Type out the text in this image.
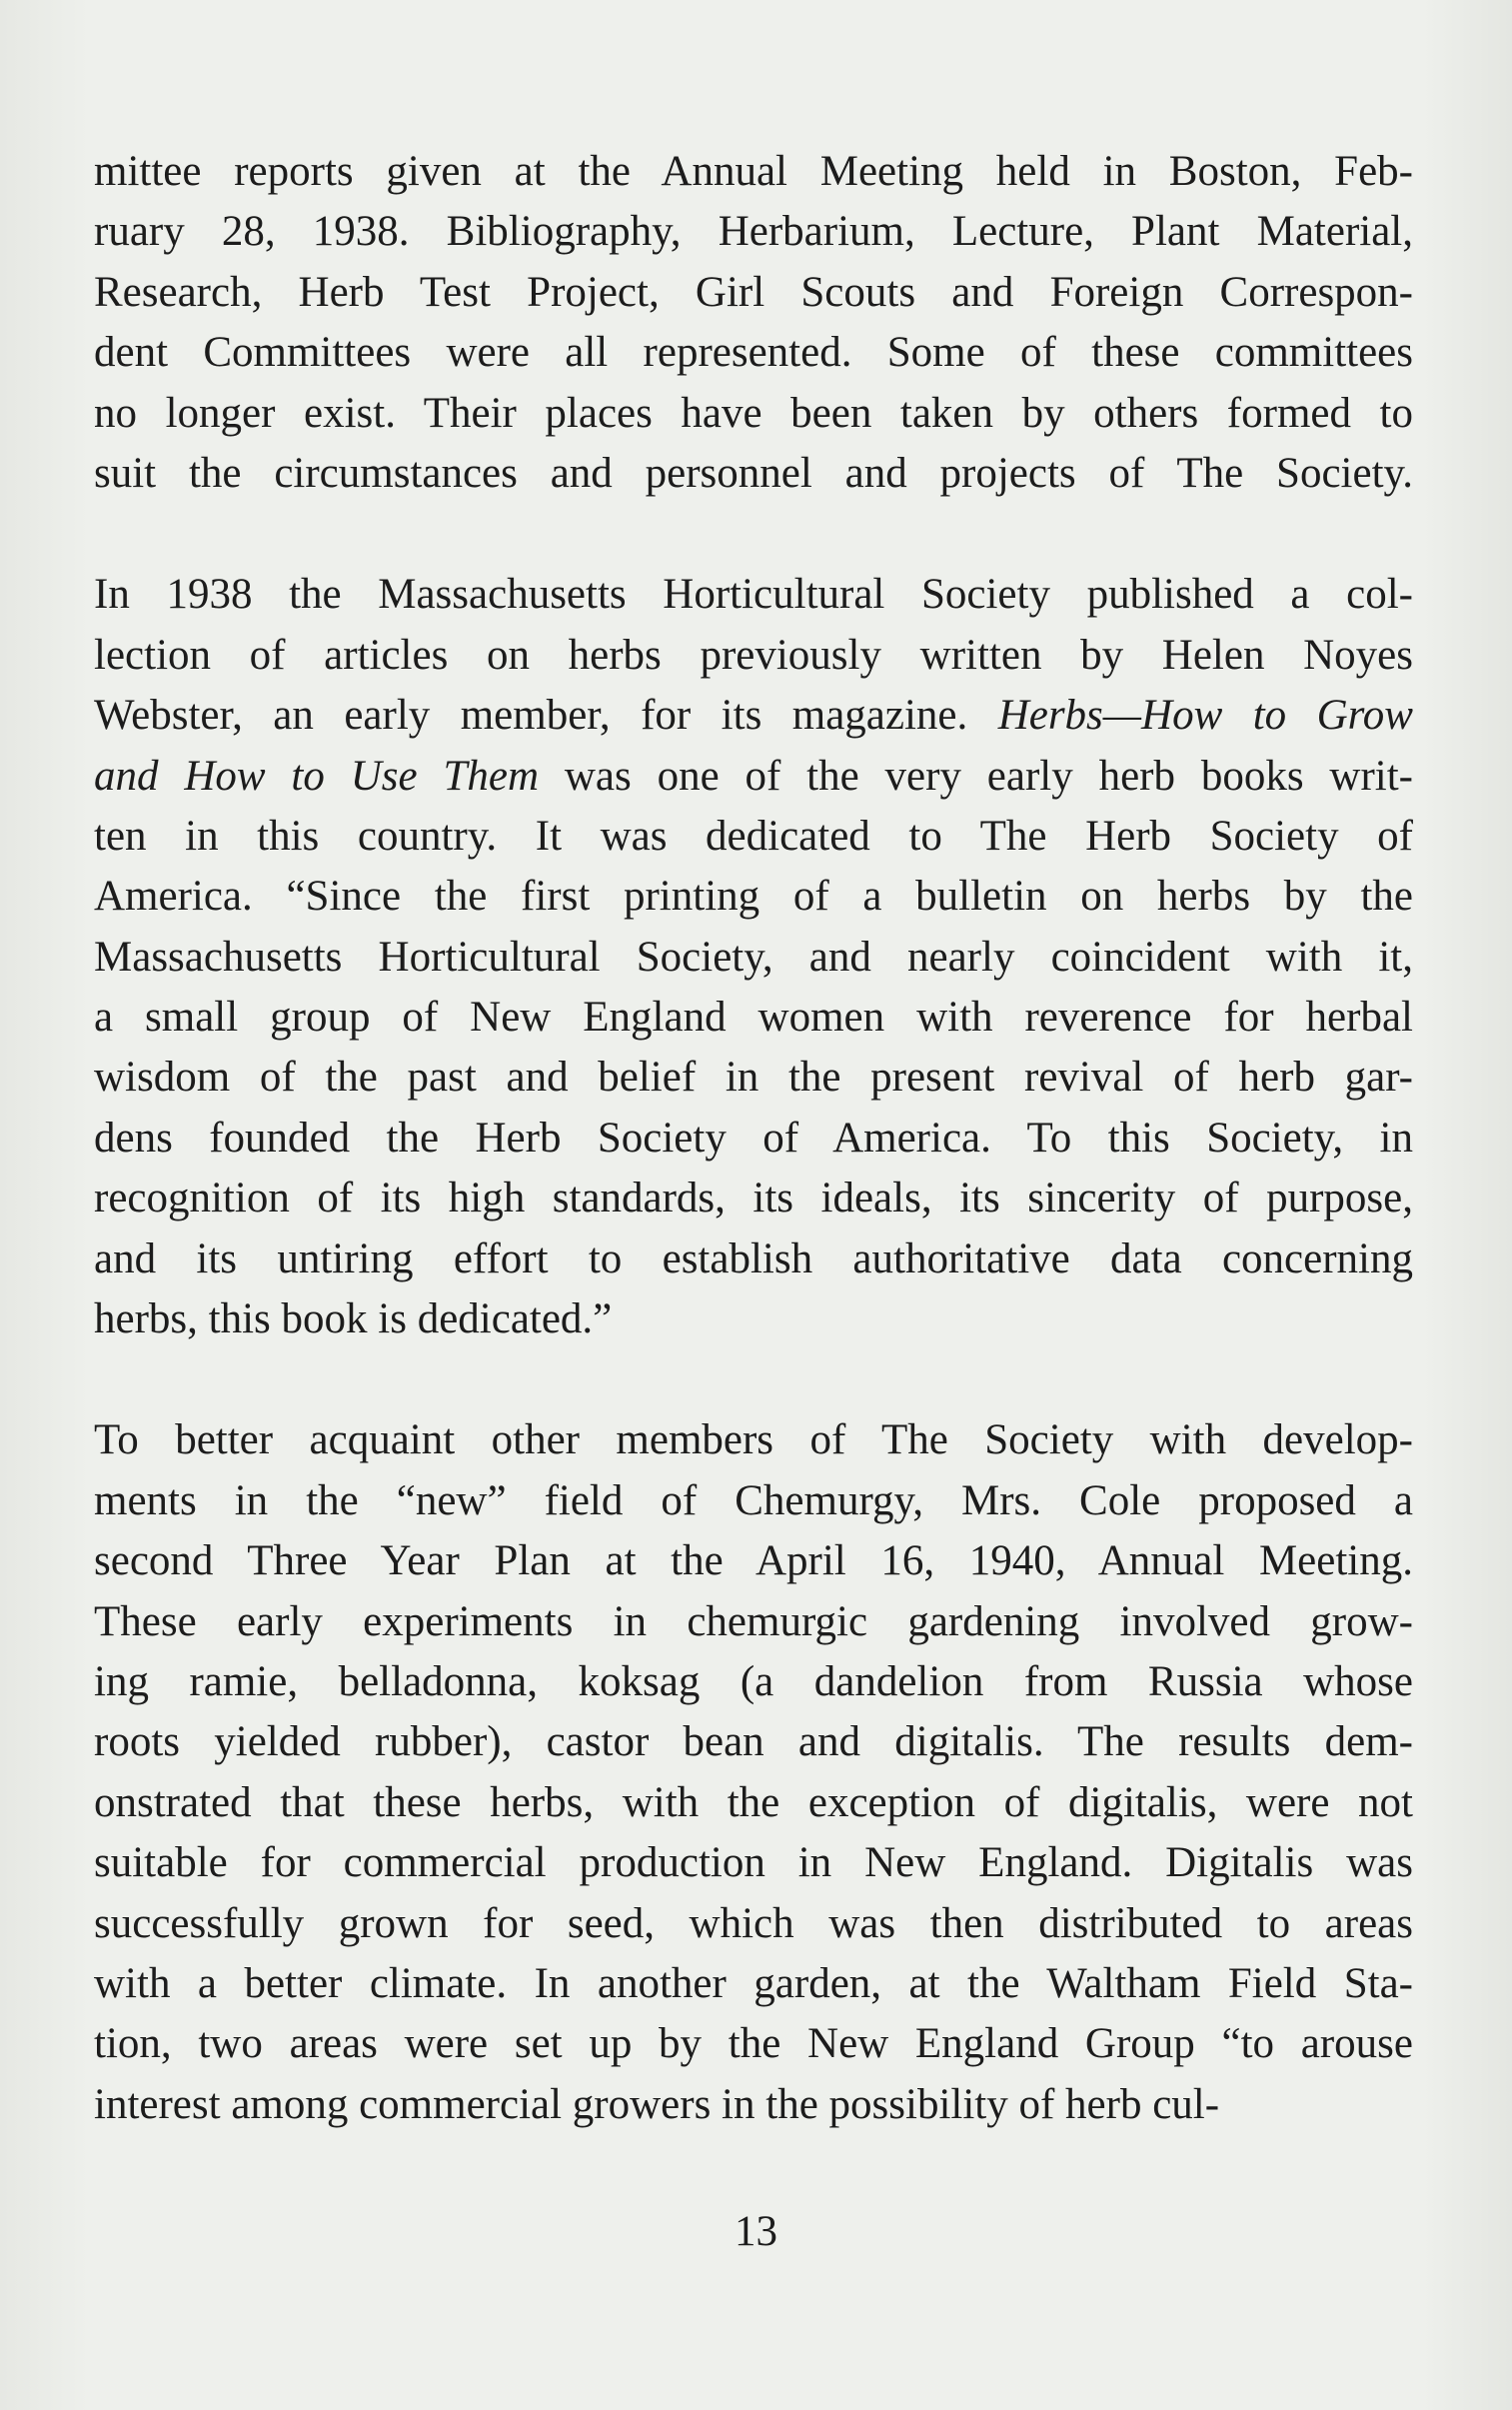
mittee reports given at the Annual Meeting held in Boston, Feb-
ruary 28, 1938. Bibliography, Herbarium, Lecture, Plant Material,
Research, Herb Test Project, Girl Scouts and Foreign Correspon-
dent Committees were all represented. Some of these committees
no longer exist. Their places have been taken by others formed to
suit the circumstances and personnel and projects of The Society.
In 1938 the Massachusetts Horticultural Society published a col-
lection of articles on herbs previously written by Helen Noyes
Webster, an early member, for its magazine. Herbs—How to Grow
and How to Use Them was one of the very early herb books writ-
ten in this country. It was dedicated to The Herb Society of
America. “Since the first printing of a bulletin on herbs by the
Massachusetts Horticultural Society, and nearly coincident with it,
a small group of New England women with reverence for herbal
wisdom of the past and belief in the present revival of herb gar-
dens founded the Herb Society of America. To this Society, in
recognition of its high standards, its ideals, its sincerity of purpose,
and its untiring effort to establish authoritative data concerning
herbs, this book is dedicated.”
To better acquaint other members of The Society with develop-
ments in the “new” field of Chemurgy, Mrs. Cole proposed a
second Three Year Plan at the April 16, 1940, Annual Meeting.
These early experiments in chemurgic gardening involved grow-
ing ramie, belladonna, koksag (a dandelion from Russia whose
roots yielded rubber), castor bean and digitalis. The results dem-
onstrated that these herbs, with the exception of digitalis, were not
suitable for commercial production in New England. Digitalis was
successfully grown for seed, which was then distributed to areas
with a better climate. In another garden, at the Waltham Field Sta-
tion, two areas were set up by the New England Group “to arouse
interest among commercial growers in the possibility of herb cul-
13
